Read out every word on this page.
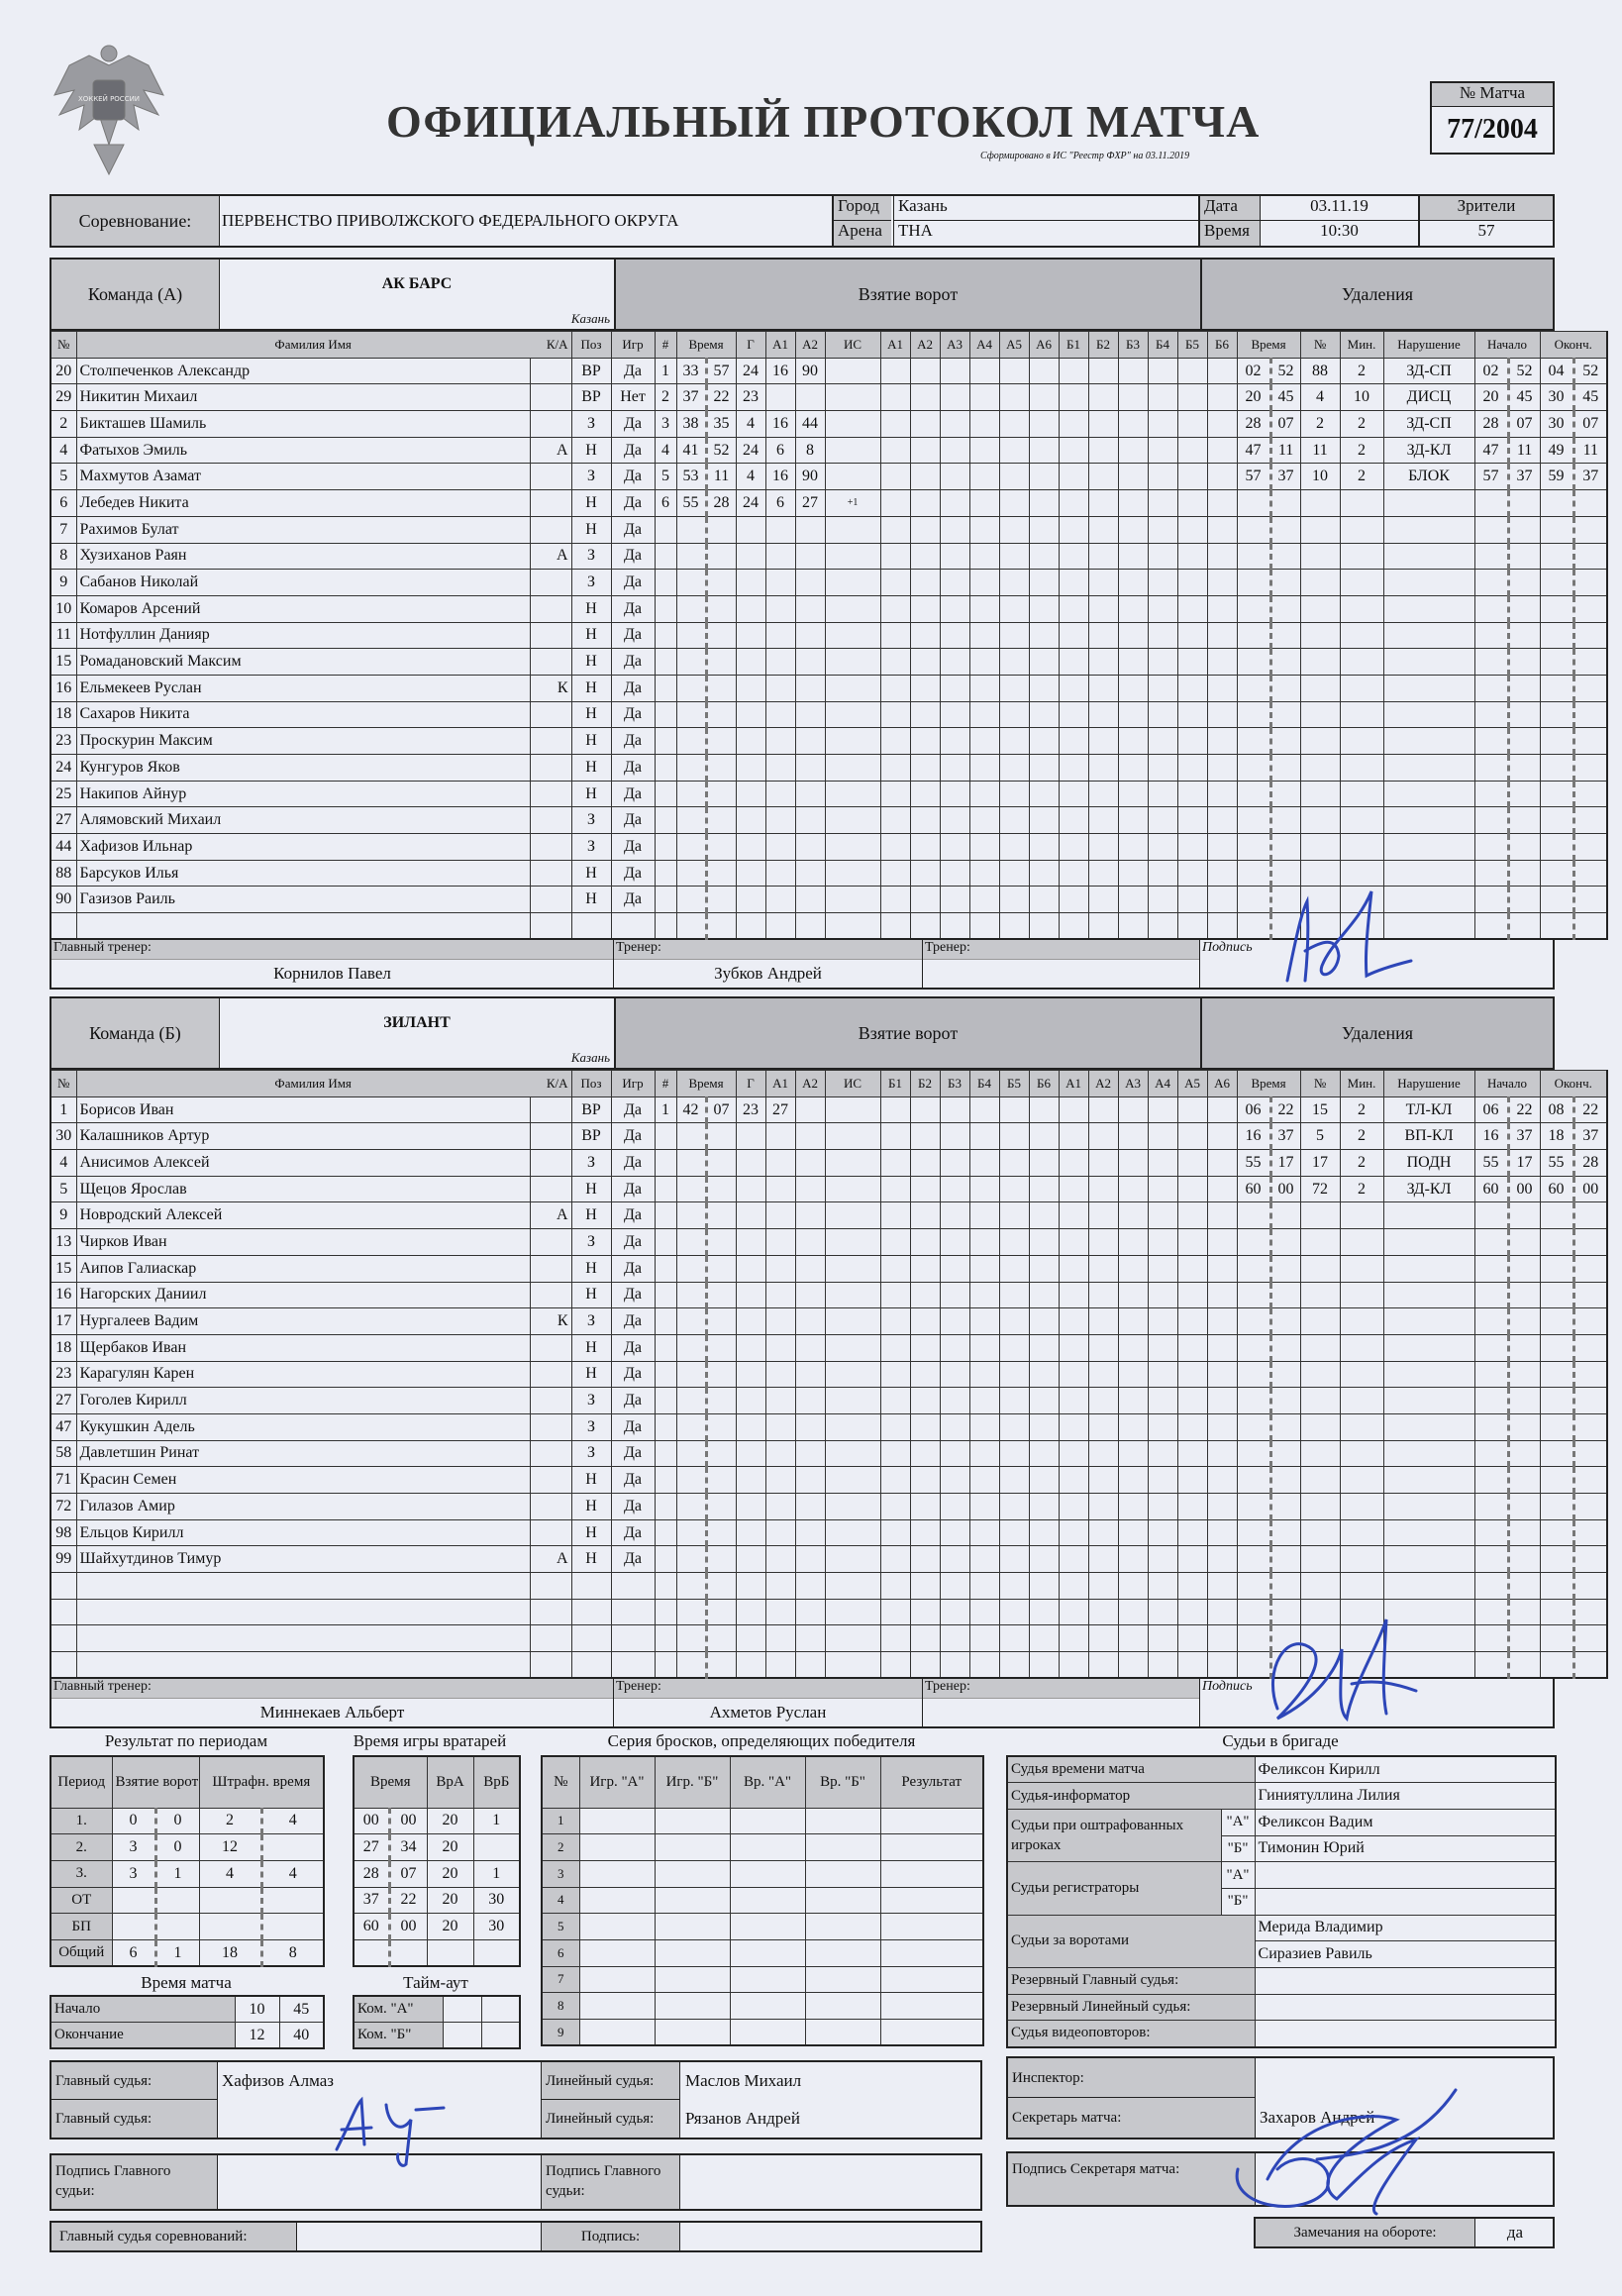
ХОККЕЙ РОССИИ	ОФИЦИАЛЬНЫЙ ПРОТОКОЛ МАТЧА
Сформировано в ИС "Реестр ФХР" на 03.11.2019
№ Матча
77/2004
Соревнование:	ПЕРВЕНСТВО ПРИВОЛЖСКОГО ФЕДЕРАЛЬНОГО ОКРУГА
Город	Казань
Арена ТНА
Дата	03.11.19
Время	10:30
Зрители
57
Команда (А)
АК БАРС
Казань
Взятие ворот	Удаления
№	Фамилия Имя К/А		Поз	Игр	#	Время		Г	А1	А2	ИС	А1	А2	А3	А4	А5	А6	Б1	Б2	Б3	Б4	Б5	Б6	Время		№	Мин.	Нарушение	Начало		Оконч.	
20	Столпеченков Александр		ВР	Да	1	33	57	24	16	90														02	52	88	2	ЗД-СП	02	52	04	52
29	Никитин Михаил		ВР	Нет	2	37	22	23																20	45	4	10	ДИСЦ	20	45	30	45
2	Бикташев Шамиль		З	Да	3	38	35	4	16	44														28	07	2	2	ЗД-СП	28	07	30	07
4	Фатыхов Эмиль	А	Н	Да	4	41	52	24	6	8														47	11	11	2	ЗД-КЛ	47	11	49	11
5	Махмутов Азамат		З	Да	5	53	11	4	16	90														57	37	10	2	БЛОК	57	37	59	37
6	Лебедев Никита		Н	Да	6	55	28	24	6	27	+1																					
7	Рахимов Булат		Н	Да																												
8	Хузиханов Раян	А	З	Да																												
9	Сабанов Николай		З	Да																												
10	Комаров Арсений		Н	Да																												
11	Нотфуллин Данияр		Н	Да																												
15	Ромадановский Максим		Н	Да																												
16	Ельмекеев Руслан	К	Н	Да																												
18	Сахаров Никита		Н	Да																												
23	Проскурин Максим		Н	Да																												
24	Кунгуров Яков		Н	Да																												
25	Накипов Айнур		Н	Да																												
27	Алямовский Михаил		З	Да																												
44	Хафизов Ильнар		З	Да																												
88	Барсуков Илья		Н	Да																												
90	Газизов Раиль		Н	Да																												

Главный тренер:
Корнилов Павел
Тренер:
Зубков Андрей
Тренер:	Подпись
Команда (Б)
ЗИЛАНТ
Казань
Взятие ворот	Удаления
№	Фамилия Имя К/А		Поз	Игр	#	Время		Г	А1	А2	ИС	Б1	Б2	Б3	Б4	Б5	Б6	А1	А2	А3	А4	А5	А6	Время		№	Мин.	Нарушение	Начало		Оконч.	
1	Борисов Иван		ВР	Да	1	42	07	23	27															06	22	15	2	ТЛ-КЛ	06	22	08	22
30	Калашников Артур		ВР	Да																				16	37	5	2	ВП-КЛ	16	37	18	37
4	Анисимов Алексей		З	Да																				55	17	17	2	ПОДН	55	17	55	28
5	Щецов Ярослав		Н	Да																				60	00	72	2	ЗД-КЛ	60	00	60	00
9	Новродский Алексей	А	Н	Да																												
13	Чирков Иван		З	Да																												
15	Аипов Галиаскар		Н	Да																												
16	Нагорских Даниил		Н	Да																												
17	Нургалеев Вадим	К	З	Да																												
18	Щербаков Иван		Н	Да																												
23	Карагулян Карен		Н	Да																												
27	Гоголев Кирилл		З	Да																												
47	Кукушкин Адель		З	Да																												
58	Давлетшин Ринат		З	Да																												
71	Красин Семен		Н	Да																												
72	Гилазов Амир		Н	Да																												
98	Ельцов Кирилл		Н	Да																												
99	Шайхутдинов Тимур	А	Н	Да																												

Главный тренер:
Миннекаев Альберт
Тренер:
Ахметов Руслан
Тренер:	Подпись
Результат по периодам
Период	Взятие ворот		Штрафн. время	
1.	0	0	2	4
2.	3	0	12	
3.	3	1	4	4
ОТ				
БП				
Общий	6	1	18	8
Время матча
Начало	10	45
Окончание	12	40
Время игры вратарей
Время		ВрА	ВрБ
00	00	20	1
27	34	20	
28	07	20	1
37	22	20	30
60	00	20	30

Тайм-аут
Ком. "А"		
Ком. "Б"		
Серия бросков, определяющих победителя
№	Игр. "А"	Игр. "Б"	Вр. "А"	Вр. "Б"	Результат
1					
2					
3					
4					
5					
6					
7					
8					
9					
Судьи в бригаде
Судья времени матча		Феликсон Кирилл
Судья-информатор		Гиниятуллина Лилия
Судьи при оштрафованных игроках	"А"	Феликсон Вадим
	"Б"	Тимонин Юрий
Судьи регистраторы	"А"	
	"Б"	
Судьи за воротами		Мерида Владимир
		Сиразиев Равиль
Резервный Главный судья:		
Резервный Линейный судья:		
Судья видеоповторов:		
Главный судья:	Хафизов Алмаз
Главный судья:
Линейный судья:	Маслов Михаил
Линейный судья:	Рязанов Андрей
Инспектор:
Секретарь матча:	Захаров Андрей
Подпись Главного судьи:
Подпись Главного судьи:
Подпись Секретаря матча:
Главный судья соревнований:	Подпись:	Замечания на обороте:	да
